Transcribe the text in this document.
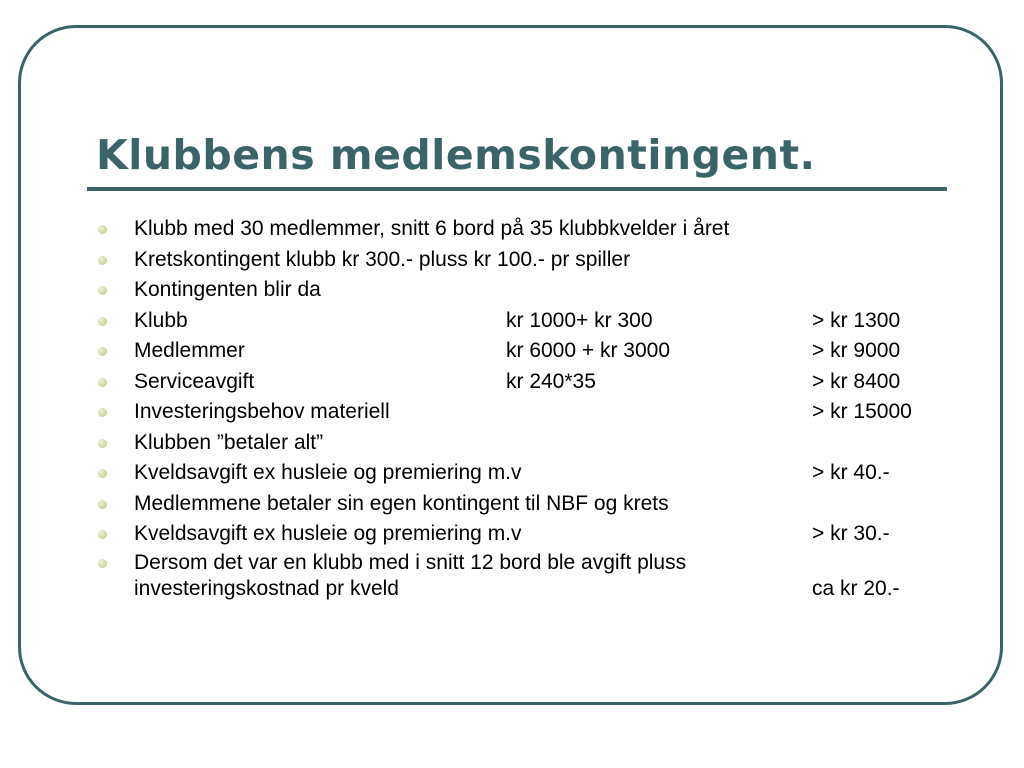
Klubbens medlemskontingent.
Klubb med 30 medlemmer, snitt 6 bord på 35 klubbkvelder i året
Kretskontingent klubb kr 300.- pluss kr 100.- pr spiller
Kontingenten blir da
Klubb	kr 1000+ kr 300	> kr 1300
Medlemmer	kr 6000 + kr 3000	> kr 9000
Serviceavgift	kr 240*35	> kr 8400
Investeringsbehov materiell	> kr 15000
Klubben ”betaler alt”
Kveldsavgift ex husleie og premiering m.v	> kr 40.-
Medlemmene betaler sin egen kontingent til NBF og krets
Kveldsavgift ex husleie og premiering m.v	> kr 30.-
Dersom det var en klubb med i snitt 12 bord ble avgift pluss
investeringskostnad pr kveld	ca kr 20.-
